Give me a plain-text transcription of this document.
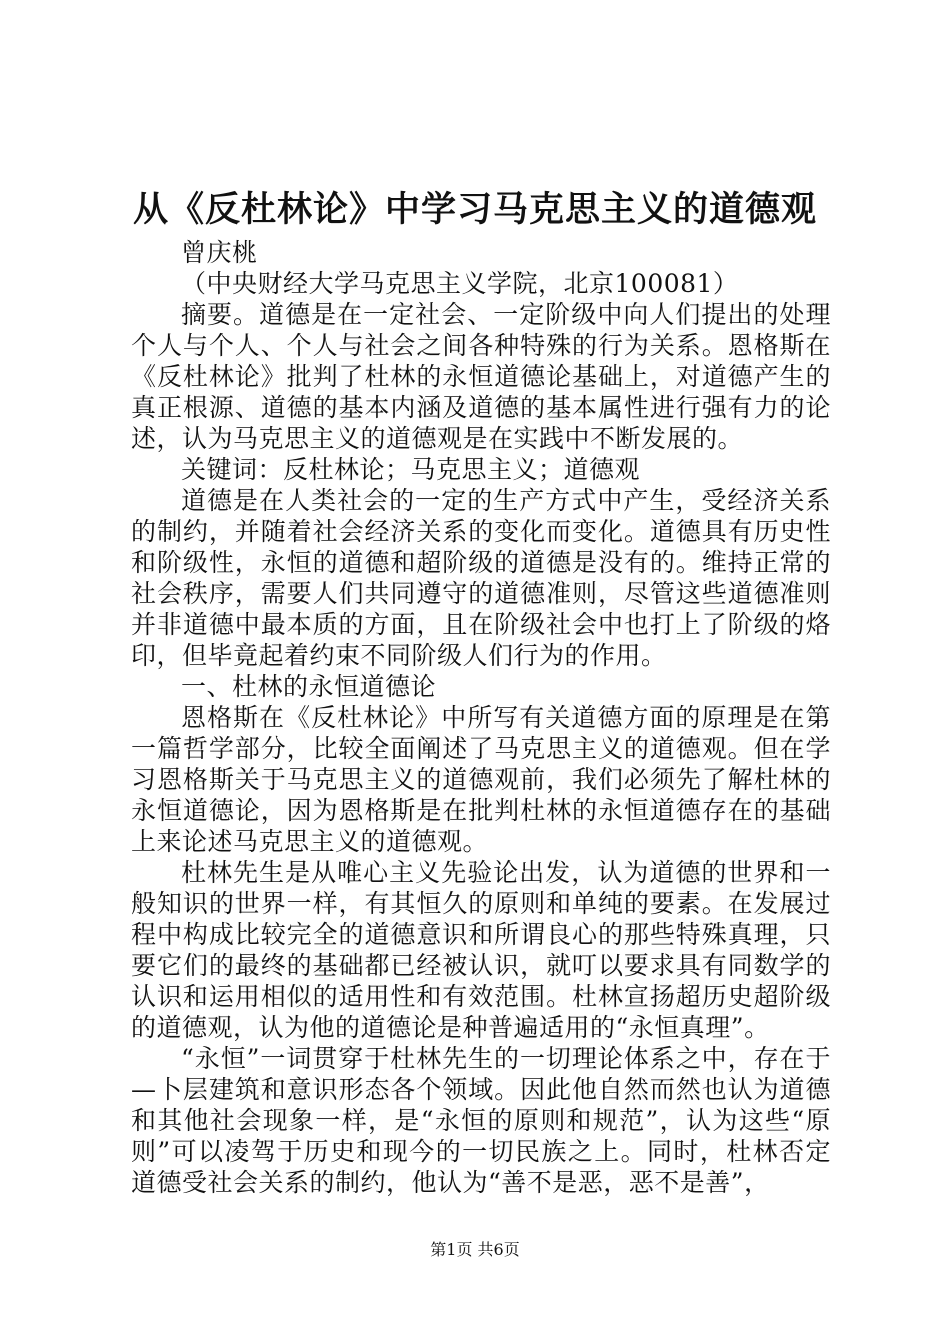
从《反杜林论》中学习马克思主义的道德观

曾庆桃

（中央财经大学马克思主义学院，北京100081）

摘要。道德是在一定社会、一定阶级中向人们提出的处理个人与个人、个人与社会之间各种特殊的行为关系。恩格斯在《反杜林论》批判了杜林的永恒道德论基础上，对道德产生的真正根源、道德的基本内涵及道德的基本属性进行强有力的论述，认为马克思主义的道德观是在实践中不断发展的。

关键词：反杜林论；马克思主义；道德观

道德是在人类社会的一定的生产方式中产生，受经济关系的制约，并随着社会经济关系的变化而变化。道德具有历史性和阶级性，永恒的道德和超阶级的道德是没有的。维持正常的社会秩序，需要人们共同遵守的道德准则，尽管这些道德准则并非道德中最本质的方面，且在阶级社会中也打上了阶级的烙印，但毕竟起着约束不同阶级人们行为的作用。

一、杜林的永恒道德论

恩格斯在《反杜林论》中所写有关道德方面的原理是在第一篇哲学部分，比较全面阐述了马克思主义的道德观。但在学习恩格斯关于马克思主义的道德观前，我们必须先了解杜林的永恒道德论，因为恩格斯是在批判杜林的永恒道德存在的基础上来论述马克思主义的道德观。

杜林先生是从唯心主义先验论出发，认为道德的世界和一般知识的世界一样，有其恒久的原则和单纯的要素。在发展过程中构成比较完全的道德意识和所谓良心的那些特殊真理，只要它们的最终的基础都已经被认识，就叮以要求具有同数学的认识和运用相似的适用性和有效范围。杜林宣扬超历史超阶级的道德观，认为他的道德论是种普遍适用的“永恒真理”。

“永恒”一词贯穿于杜林先生的一切理论体系之中，存在于—卜层建筑和意识形态各个领域。因此他自然而然也认为道德和其他社会现象一样，是“永恒的原则和规范”，认为这些“原则”可以凌驾于历史和现今的一切民族之上。同时，杜林否定道德受社会关系的制约，他认为“善不是恶，恶不是善”，

第1页 共6页
